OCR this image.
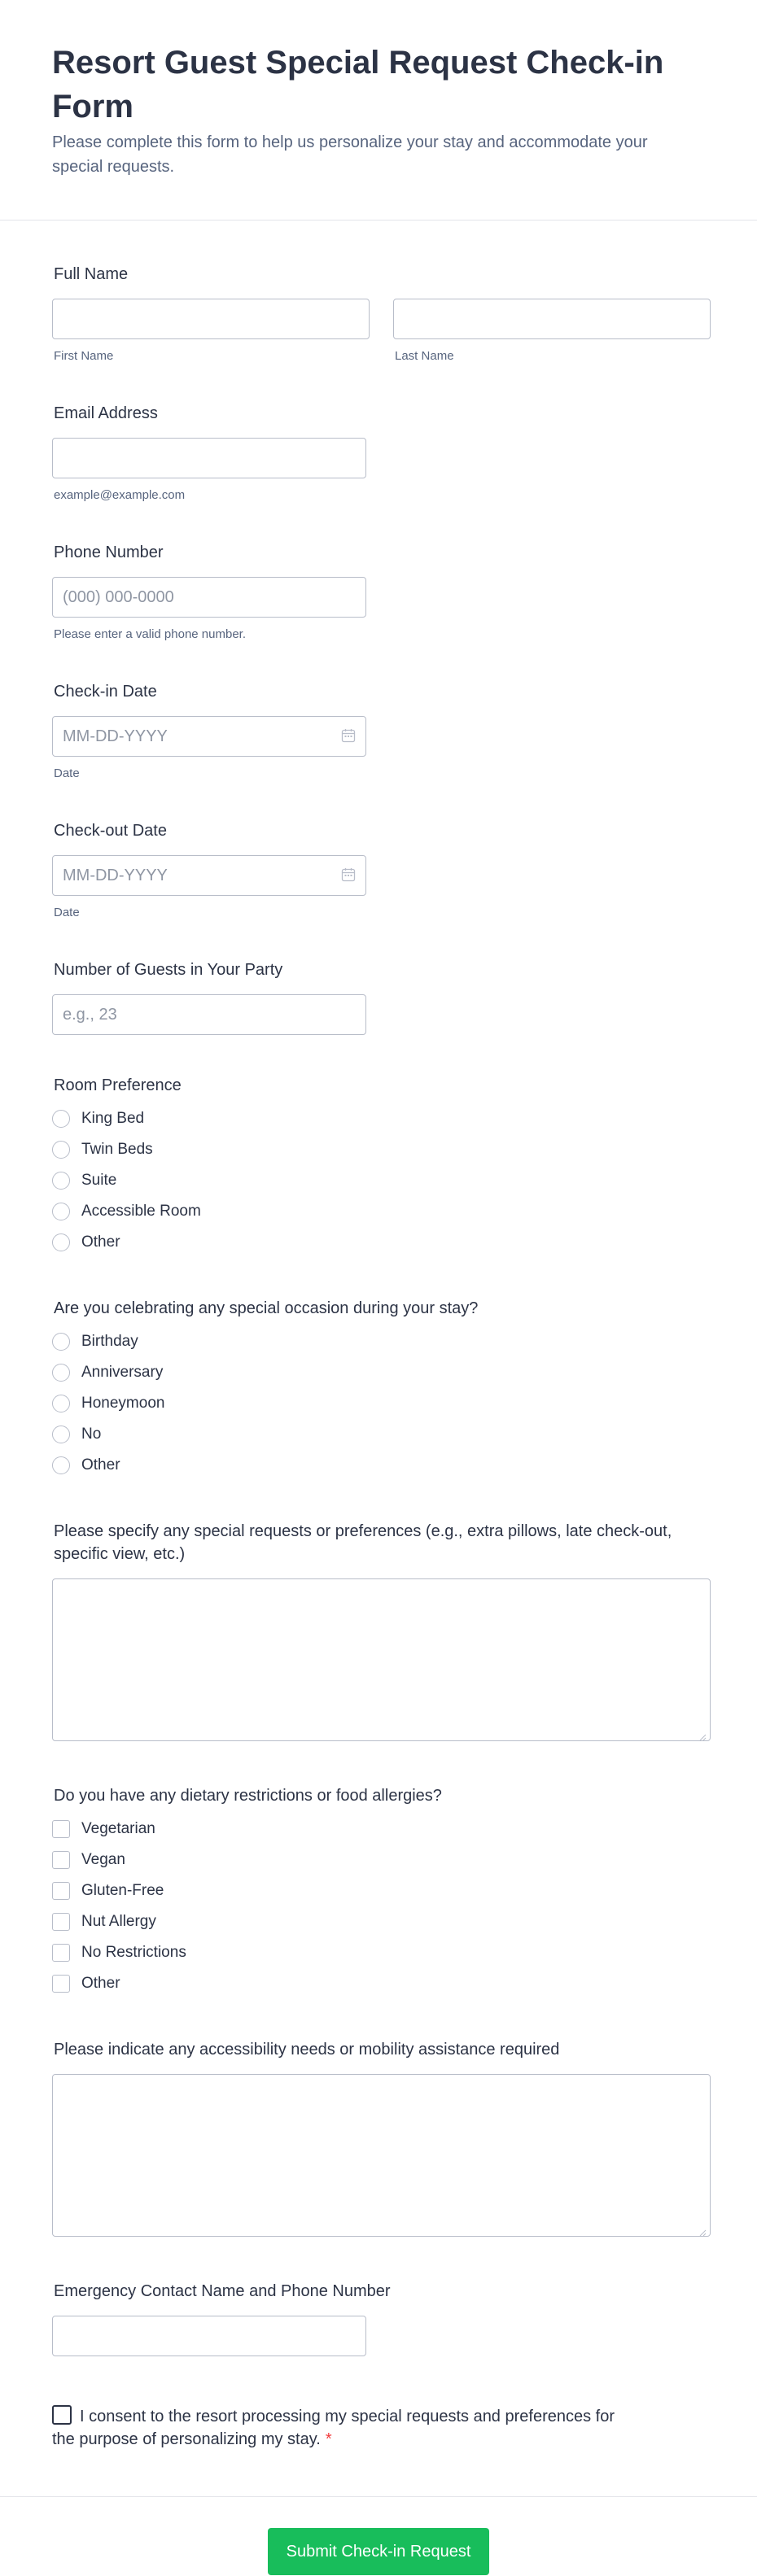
Resort Guest Special Request Check-in Form
Please complete this form to help us personalize your stay and accommodate your special requests.
Full Name
First Name	Last Name
Email Address
example@example.com
Phone Number
(000) 000-0000
Please enter a valid phone number.
Check-in Date
MM-DD-YYYY
Date
Check-out Date
MM-DD-YYYY
Date
Number of Guests in Your Party
e.g., 23
Room Preference
King Bed
Twin Beds
Suite
Accessible Room
Other
Are you celebrating any special occasion during your stay?
Birthday
Anniversary
Honeymoon
No
Other
Please specify any special requests or preferences (e.g., extra pillows, late check-out, specific view, etc.)
Do you have any dietary restrictions or food allergies?
Vegetarian
Vegan
Gluten-Free
Nut Allergy
No Restrictions
Other
Please indicate any accessibility needs or mobility assistance required
Emergency Contact Name and Phone Number
I consent to the resort processing my special requests and preferences for the purpose of personalizing my stay. *
Submit Check-in Request
